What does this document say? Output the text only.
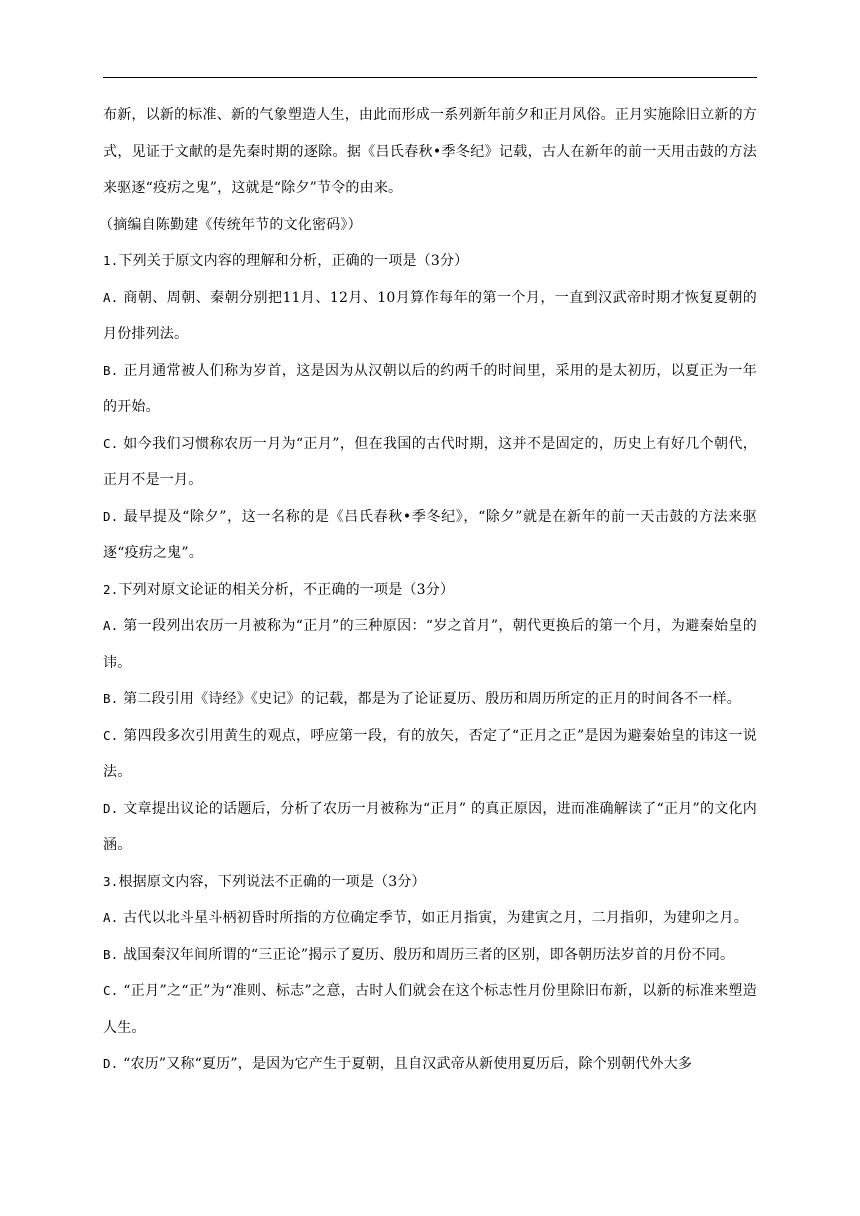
布新，以新的标准、新的气象塑造人生，由此而形成一系列新年前夕和正月风俗。正月实施除旧立新的方式，见证于文献的是先秦时期的逐除。据《吕氏春秋•季冬纪》记载，古人在新年的前一天用击鼓的方法来驱逐“疫疠之鬼”，这就是“除夕”节令的由来。

（摘编自陈勤建《传统年节的文化密码》）

1.下列关于原文内容的理解和分析，正确的一项是（3分）

A. 商朝、周朝、秦朝分别把11月、12月、10月算作每年的第一个月，一直到汉武帝时期才恢复夏朝的月份排列法。

B. 正月通常被人们称为岁首，这是因为从汉朝以后的约两千的时间里，采用的是太初历，以夏正为一年的开始。

C. 如今我们习惯称农历一月为“正月”，但在我国的古代时期，这并不是固定的，历史上有好几个朝代，正月不是一月。

D. 最早提及“除夕”，这一名称的是《吕氏春秋•季冬纪》，“除夕”就是在新年的前一天击鼓的方法来驱逐“疫疠之鬼”。

2.下列对原文论证的相关分析，不正确的一项是（3分）

A. 第一段列出农历一月被称为“正月”的三种原因：“岁之首月”，朝代更换后的第一个月，为避秦始皇的讳。

B. 第二段引用《诗经》《史记》的记载，都是为了论证夏历、殷历和周历所定的正月的时间各不一样。

C. 第四段多次引用黄生的观点，呼应第一段，有的放矢，否定了“正月之正”是因为避秦始皇的讳这一说法。

D. 文章提出议论的话题后，分析了农历一月被称为“正月” 的真正原因，进而准确解读了“正月”的文化内涵。

3.根据原文内容，下列说法不正确的一项是（3分）

A. 古代以北斗星斗柄初昏时所指的方位确定季节，如正月指寅，为建寅之月，二月指卯，为建卯之月。

B. 战国秦汉年间所谓的“三正论”揭示了夏历、殷历和周历三者的区别，即各朝历法岁首的月份不同。

C. “正月”之“正”为“准则、标志”之意，古时人们就会在这个标志性月份里除旧布新，以新的标准来塑造人生。

D. “农历”又称“夏历”，是因为它产生于夏朝，且自汉武帝从新使用夏历后，除个别朝代外大多
